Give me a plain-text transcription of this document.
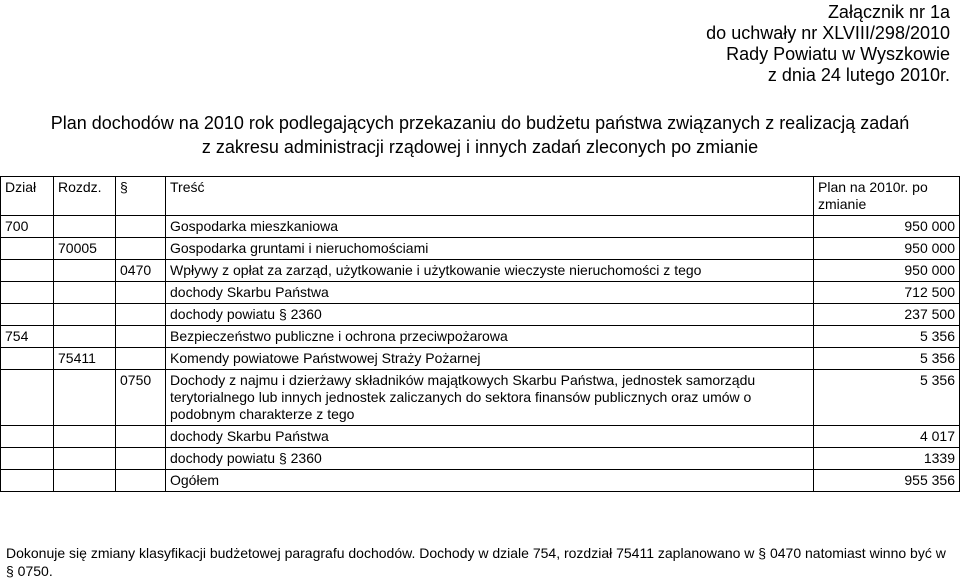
Załącznik nr 1a
do uchwały nr XLVIII/298/2010
Rady Powiatu w Wyszkowie
z dnia 24 lutego 2010r.
Plan dochodów na 2010 rok podlegających przekazaniu do budżetu państwa związanych z realizacją zadań
z zakresu administracji rządowej i innych zadań zleconych po zmianie
Dział	Rozdz.	§	Treść	Plan na 2010r. po zmianie
700			Gospodarka mieszkaniowa	950 000
	70005		Gospodarka gruntami i nieruchomościami	950 000
		0470	Wpływy z opłat za zarząd, użytkowanie i użytkowanie wieczyste nieruchomości z tego	950 000
			dochody Skarbu Państwa	712 500
			dochody powiatu § 2360	237 500
754			Bezpieczeństwo publiczne i ochrona przeciwpożarowa	5 356
	75411		Komendy powiatowe Państwowej Straży Pożarnej	5 356
		0750	Dochody z najmu i dzierżawy składników majątkowych Skarbu Państwa, jednostek samorządu terytorialnego lub innych jednostek zaliczanych do sektora finansów publicznych oraz umów o podobnym charakterze z tego	5 356
			dochody Skarbu Państwa	4 017
			dochody powiatu § 2360	1339
			Ogółem	955 356
Dokonuje się zmiany klasyfikacji budżetowej paragrafu dochodów. Dochody w dziale 754, rozdział 75411 zaplanowano w § 0470 natomiast winno być w § 0750.
